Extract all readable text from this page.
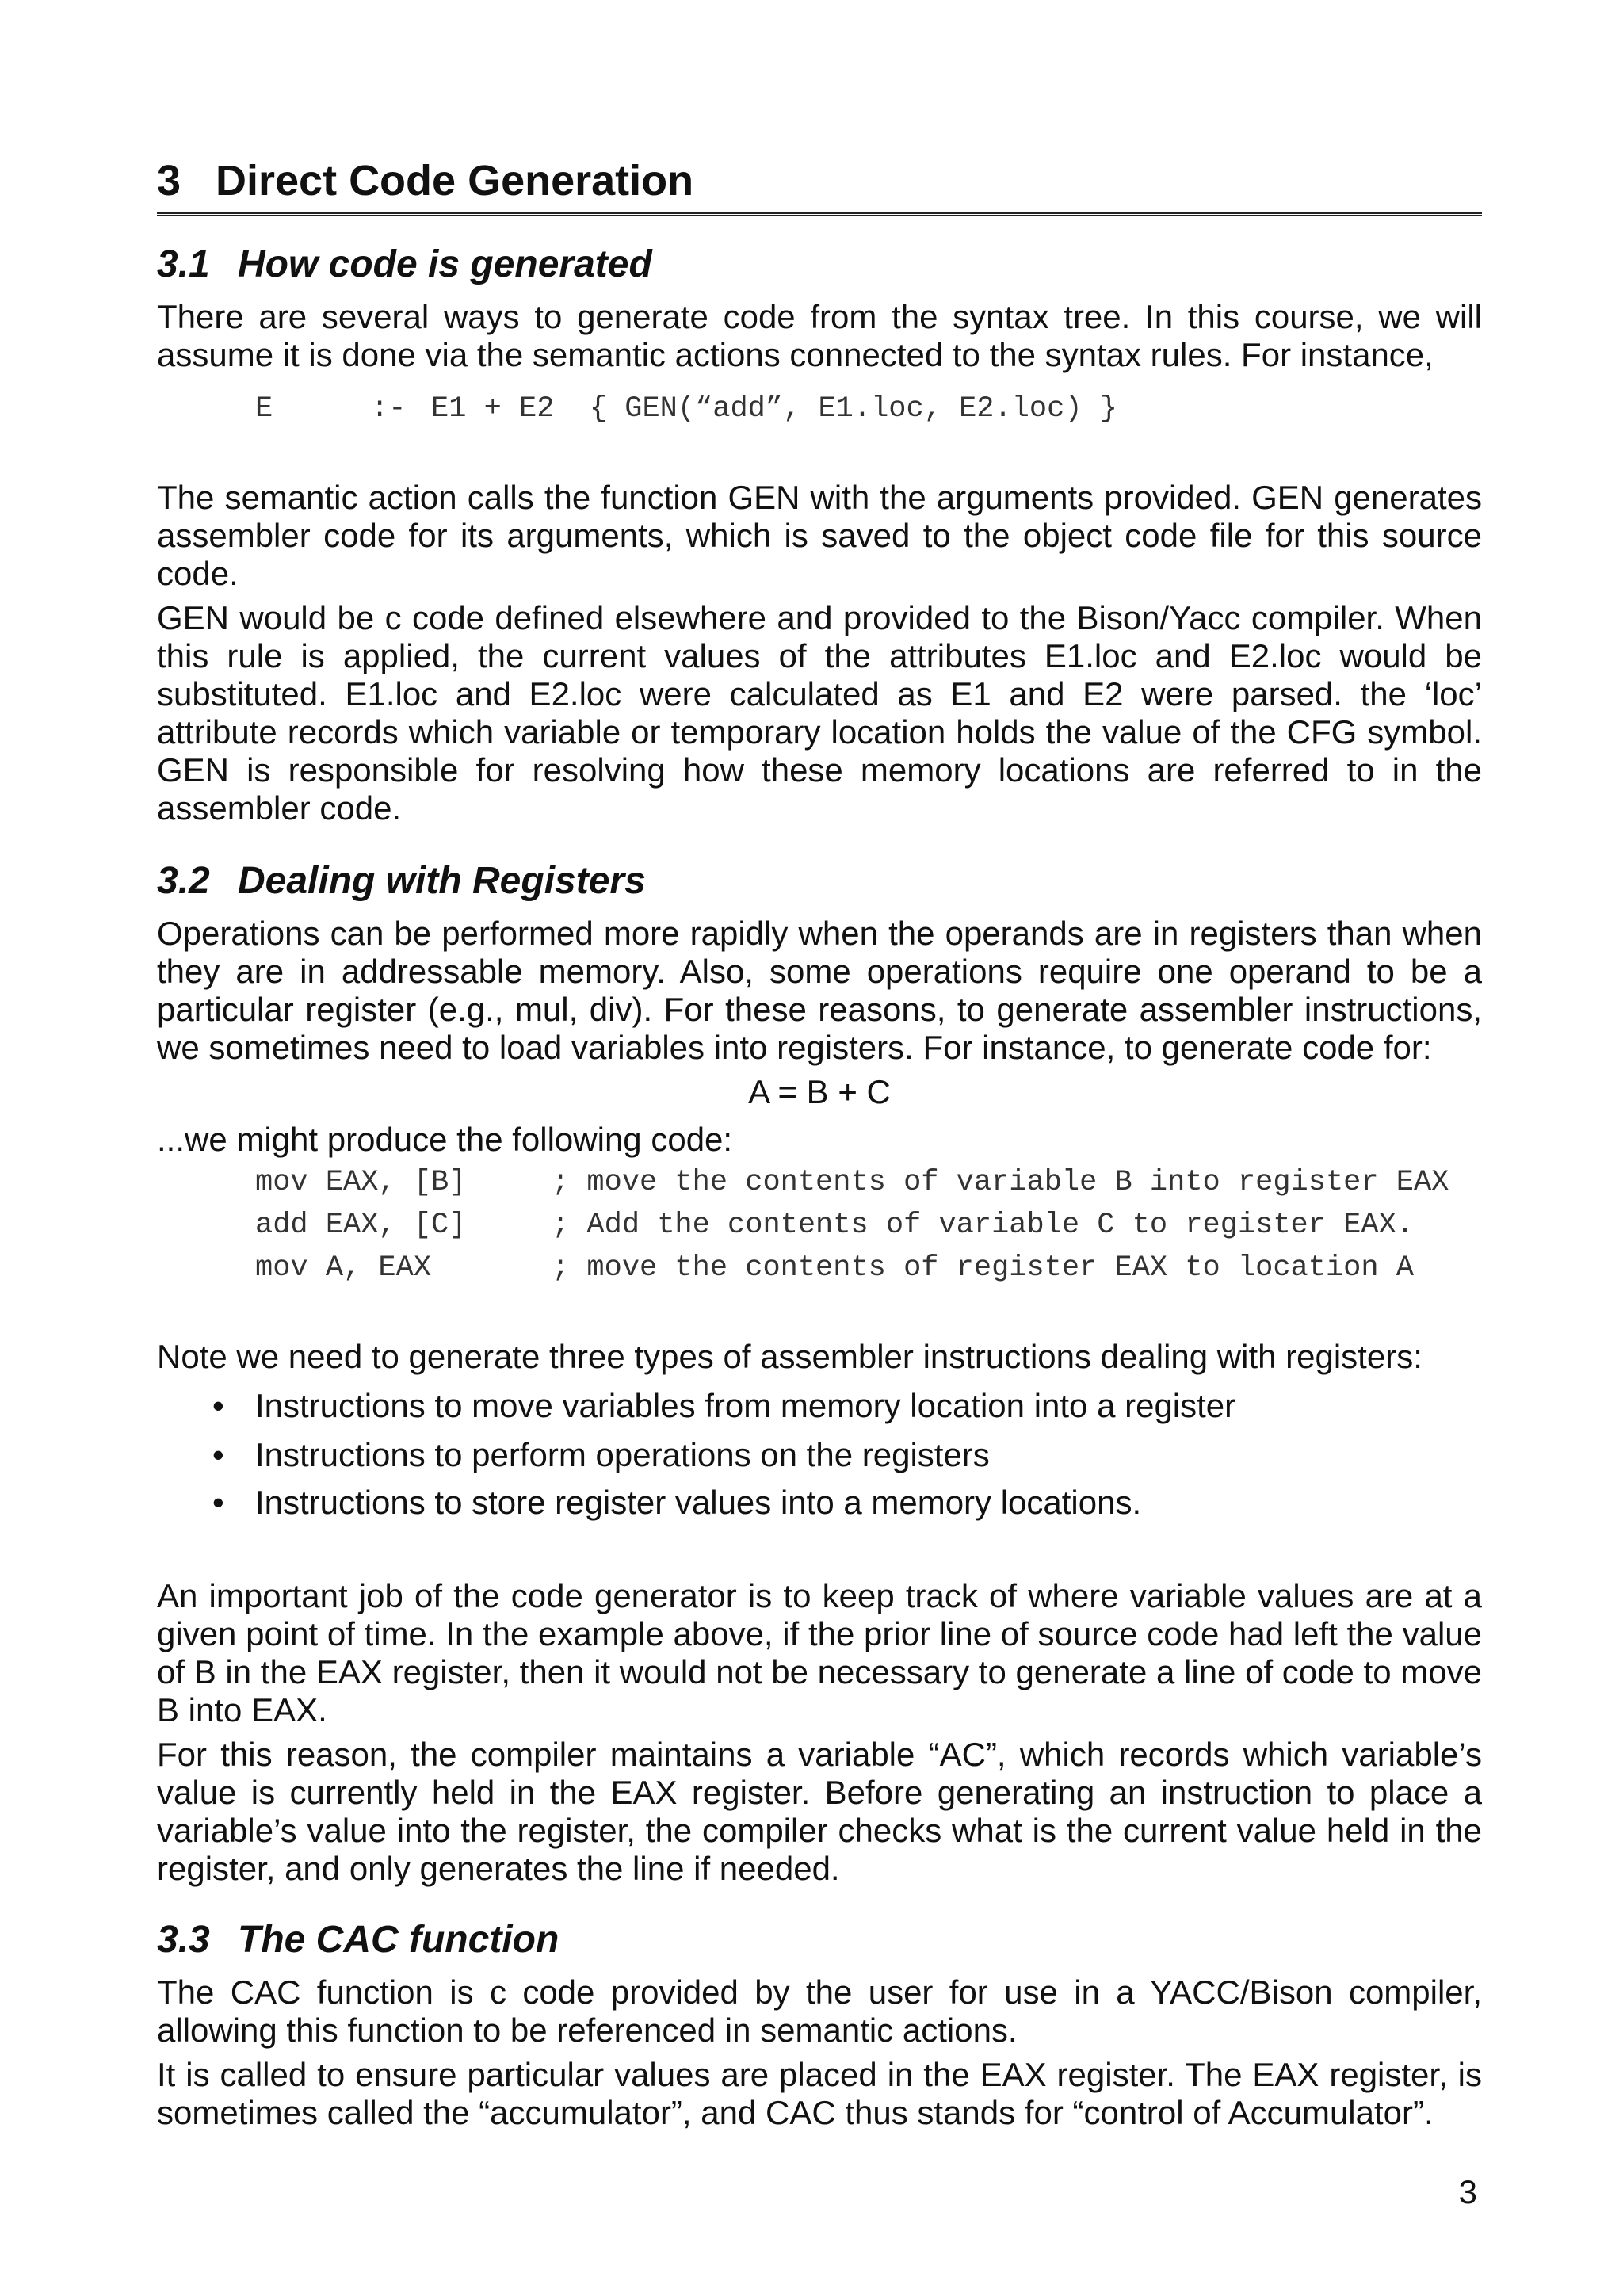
3 Direct Code Generation
3.1 How code is generated

There are several ways to generate code from the syntax tree. In this course, we will assume it is done via the semantic actions connected to the syntax rules. For instance,

E	:- E1 + E2  { GEN(“add”, E1.loc, E2.loc) }

The semantic action calls the function GEN with the arguments provided. GEN generates assembler code for its arguments, which is saved to the object code file for this source code.

GEN would be c code defined elsewhere and provided to the Bison/Yacc compiler. When this rule is applied, the current values of the attributes E1.loc and E2.loc would be substituted. E1.loc and E2.loc were calculated as E1 and E2 were parsed. the ‘loc’ attribute records which variable or temporary location holds the value of the CFG symbol. GEN is responsible for resolving how these memory locations are referred to in the assembler code.

3.2 Dealing with Registers

Operations can be performed more rapidly when the operands are in registers than when they are in addressable memory. Also, some operations require one operand to be a particular register (e.g., mul, div). For these reasons, to generate assembler instructions, we sometimes need to load variables into registers. For instance, to generate code for:

A = B + C

...we might produce the following code:

mov EAX, [B]	; move the contents of variable B into register EAX
add EAX, [C]	; Add the contents of variable C to register EAX.
mov A, EAX	; move the contents of register EAX to location A

Note we need to generate three types of assembler instructions dealing with registers:

• Instructions to move variables from memory location into a register
• Instructions to perform operations on the registers
• Instructions to store register values into a memory locations.

An important job of the code generator is to keep track of where variable values are at a given point of time. In the example above, if the prior line of source code had left the value of B in the EAX register, then it would not be necessary to generate a line of code to move B into EAX.

For this reason, the compiler maintains a variable “AC”, which records which variable’s value is currently held in the EAX register. Before generating an instruction to place a variable’s value into the register, the compiler checks what is the current value held in the register, and only generates the line if needed.

3.3 The CAC function

The CAC function is c code provided by the user for use in a YACC/Bison compiler, allowing this function to be referenced in semantic actions.

It is called to ensure particular values are placed in the EAX register. The EAX register, is sometimes called the “accumulator”, and CAC thus stands for “control of Accumulator”.

3
